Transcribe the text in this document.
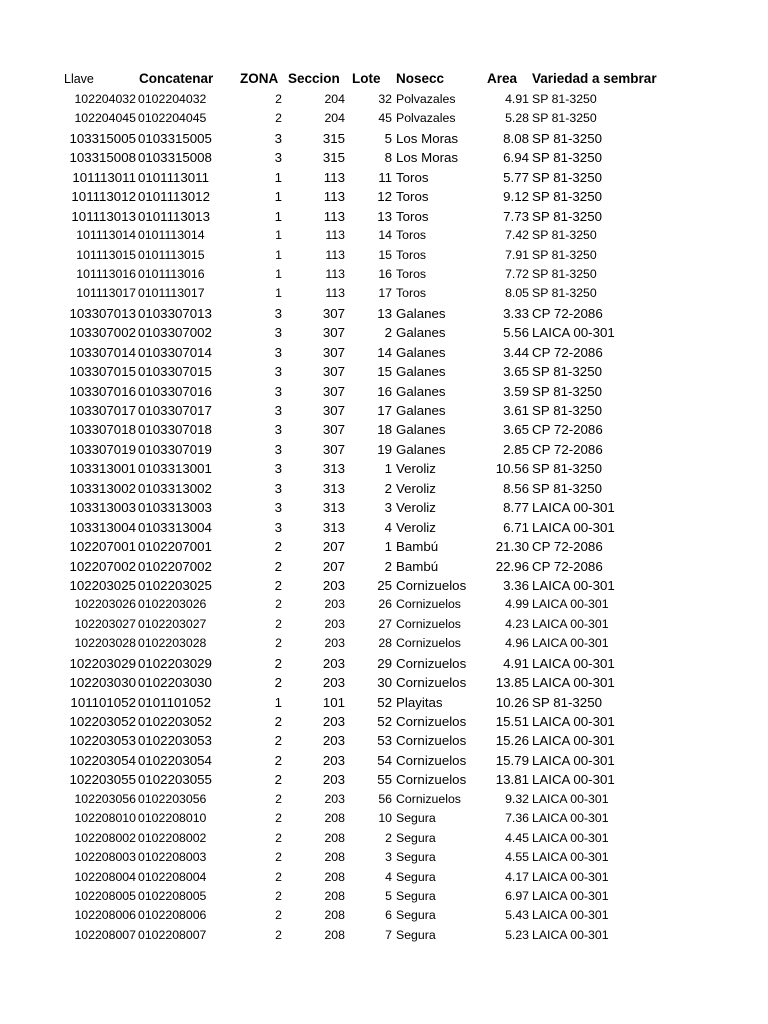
Llave	Concatenar ZONA Seccion Lote Nosecc	Area Variedad a sembrar
102204032 0102204032	2	204	32 Polvazales	4.91 SP 81-3250
102204045 0102204045	2	204	45 Polvazales	5.28 SP 81-3250
103315005 0103315005	3	315	5 Los Moras	8.08 SP 81-3250
103315008 0103315008	3	315	8 Los Moras	6.94 SP 81-3250
101113011 0101113011	1	113 11 Toros	5.77 SP 81-3250
101113012 0101113012	1	113 12 Toros	9.12 SP 81-3250
101113013 0101113013	1	113 13 Toros	7.73 SP 81-3250
101113014 0101113014	1	113	14 Toros	7.42 SP 81-3250
101113015 0101113015	1	113	15 Toros	7.91 SP 81-3250
101113016 0101113016	1	113	16 Toros	7.72 SP 81-3250
101113017 0101113017	1	113	17 Toros	8.05 SP 81-3250
103307013 0103307013	3	307 13 Galanes	3.33 CP 72-2086
103307002 0103307002	3	307	2 Galanes	5.56 LAICA 00-301
103307014 0103307014	3	307 14 Galanes	3.44 CP 72-2086
103307015 0103307015	3	307 15 Galanes	3.65 SP 81-3250
103307016 0103307016	3	307 16 Galanes	3.59 SP 81-3250
103307017 0103307017	3	307 17 Galanes	3.61 SP 81-3250
103307018 0103307018	3	307 18 Galanes	3.65 CP 72-2086
103307019 0103307019	3	307 19 Galanes	2.85 CP 72-2086
103313001 0103313001	3	313	1 Veroliz	10.56 SP 81-3250
103313002 0103313002	3	313	2 Veroliz	8.56 SP 81-3250
103313003 0103313003	3	313	3 Veroliz	8.77 LAICA 00-301
103313004 0103313004	3	313	4 Veroliz	6.71 LAICA 00-301
102207001 0102207001	2	207	1 Bambú	21.30 CP 72-2086
102207002 0102207002	2	207	2 Bambú	22.96 CP 72-2086
102203025 0102203025	2	203 25 Cornizuelos	3.36 LAICA 00-301
102203026 0102203026	2	203	26 Cornizuelos	4.99 LAICA 00-301
102203027 0102203027	2	203	27 Cornizuelos	4.23 LAICA 00-301
102203028 0102203028	2	203	28 Cornizuelos	4.96 LAICA 00-301
102203029 0102203029	2	203 29 Cornizuelos	4.91 LAICA 00-301
102203030 0102203030	2	203 30 Cornizuelos 13.85 LAICA 00-301
101101052 0101101052	1	101 52 Playitas	10.26 SP 81-3250
102203052 0102203052	2	203 52 Cornizuelos 15.51 LAICA 00-301
102203053 0102203053	2	203 53 Cornizuelos 15.26 LAICA 00-301
102203054 0102203054	2	203 54 Cornizuelos 15.79 LAICA 00-301
102203055 0102203055	2	203 55 Cornizuelos 13.81 LAICA 00-301
102203056 0102203056	2	203	56 Cornizuelos	9.32 LAICA 00-301
102208010 0102208010	2	208	10 Segura	7.36 LAICA 00-301
102208002 0102208002	2	208	2 Segura	4.45 LAICA 00-301
102208003 0102208003	2	208	3 Segura	4.55 LAICA 00-301
102208004 0102208004	2	208	4 Segura	4.17 LAICA 00-301
102208005 0102208005	2	208	5 Segura	6.97 LAICA 00-301
102208006 0102208006	2	208	6 Segura	5.43 LAICA 00-301
102208007 0102208007	2	208	7 Segura	5.23 LAICA 00-301
